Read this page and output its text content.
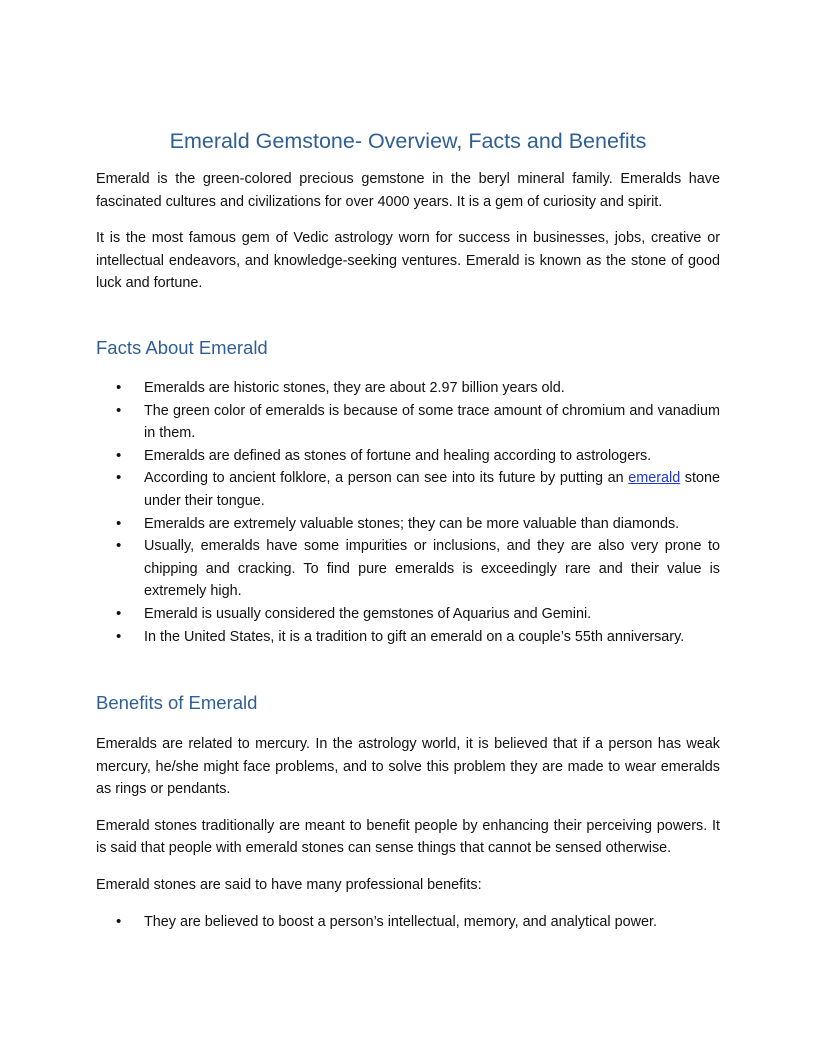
Emerald Gemstone- Overview, Facts and Benefits

Emerald is the green-colored precious gemstone in the beryl mineral family. Emeralds have fascinated cultures and civilizations for over 4000 years. It is a gem of curiosity and spirit.

It is the most famous gem of Vedic astrology worn for success in businesses, jobs, creative or intellectual endeavors, and knowledge-seeking ventures. Emerald is known as the stone of good luck and fortune.

Facts About Emerald
• Emeralds are historic stones, they are about 2.97 billion years old.
• The green color of emeralds is because of some trace amount of chromium and vanadium in them.
• Emeralds are defined as stones of fortune and healing according to astrologers.
• According to ancient folklore, a person can see into its future by putting an emerald stone under their tongue.
• Emeralds are extremely valuable stones; they can be more valuable than diamonds.
• Usually, emeralds have some impurities or inclusions, and they are also very prone to chipping and cracking. To find pure emeralds is exceedingly rare and their value is extremely high.
• Emerald is usually considered the gemstones of Aquarius and Gemini.
• In the United States, it is a tradition to gift an emerald on a couple’s 55th anniversary.
Benefits of Emerald

Emeralds are related to mercury. In the astrology world, it is believed that if a person has weak mercury, he/she might face problems, and to solve this problem they are made to wear emeralds as rings or pendants.

Emerald stones traditionally are meant to benefit people by enhancing their perceiving powers. It is said that people with emerald stones can sense things that cannot be sensed otherwise.

Emerald stones are said to have many professional benefits:

• They are believed to boost a person’s intellectual, memory, and analytical power.
